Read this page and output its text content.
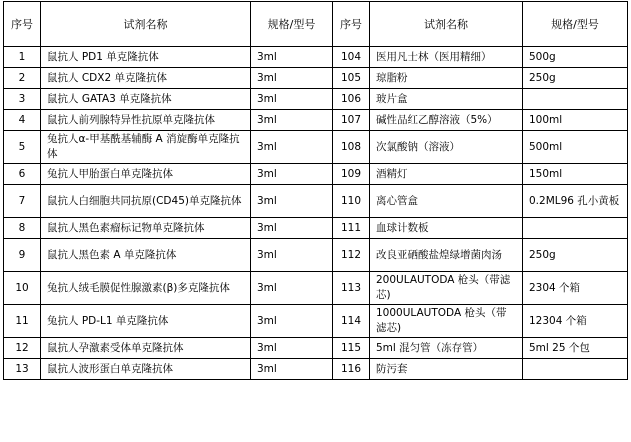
序号	试剂名称	规格/型号	序号	试剂名称	规格/型号
1	鼠抗人 PD1 单克隆抗体	3ml	104	医用凡士林（医用精细）	500g
2	鼠抗人 CDX2 单克隆抗体	3ml	105	琼脂粉	250g
3	鼠抗人 GATA3 单克隆抗体	3ml	106	玻片盒	
4	鼠抗人前列腺特异性抗原单克隆抗体	3ml	107	碱性品红乙醇溶液（5%）	100ml
5	兔抗人α-甲基酰基辅酶 A 消旋酶单克隆抗体	3ml	108	次氯酸钠（溶液）	500ml
6	兔抗人甲胎蛋白单克隆抗体	3ml	109	酒精灯	150ml
7	鼠抗人白细胞共同抗原(CD45)单克隆抗体	3ml	110	离心管盒	0.2ML96 孔小黄板
8	鼠抗人黑色素瘤标记物单克隆抗体	3ml	111	血球计数板	
9	鼠抗人黑色素 A 单克隆抗体	3ml	112	改良亚硒酸盐煌绿增菌肉汤	250g
10	兔抗人绒毛膜促性腺激素(β)多克隆抗体	3ml	113	200ULAUTODA 枪头（带滤芯)	2304 个箱
11	兔抗人 PD-L1 单克隆抗体	3ml	114	1000ULAUTODA 枪头（带滤芯)	12304 个箱
12	鼠抗人孕激素受体单克隆抗体	3ml	115	5ml 混匀管（冻存管）	5ml 25 个包
13	鼠抗人波形蛋白单克隆抗体	3ml	116	防污套	
